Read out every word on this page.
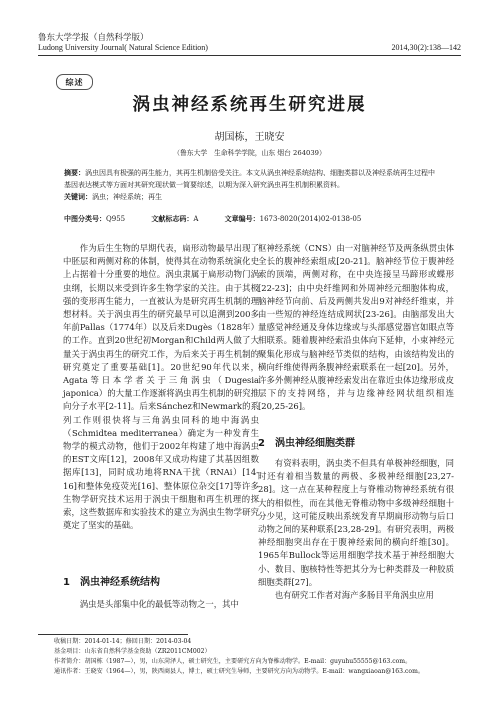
鲁东大学学报（自然科学版）
Ludong University Journal( Natural Science Edition)	2014,30(2):138—142
综述
涡虫神经系统再生研究进展
胡国栋，王晓安
（鲁东大学　生命科学学院，山东 烟台 264039）

摘要：涡虫因具有极强的再生能力，其再生机制倍受关注。本文从涡虫神经系统结构、细胞类群以及神经系统再生过程中基因表达模式等方面对其研究现状做一简要综述，以期为深入研究涡虫再生机制积累资料。

关键词：涡虫；神经系统；再生

中图分类号：Q955	文献标志码：A	文章编号：1673-8020(2014)02-0138-05

作为后生生物的早期代表，扁形动物最早出现了中胚层和两侧对称的体制，使得其在动物系统演化史上占据着十分重要的地位。涡虫隶属于扁形动物门涡虫纲，长期以来受到许多生物学家的关注。由于其极强的变形再生能力，一直被认为是研究再生机制的理想材料。关于涡虫再生的研究最早可以追溯到200多年前Pallas（1774年）以及后来Dugès（1828年）的工作。直到20世纪初Morgan和Child两人做了大量关于涡虫再生的研究工作，为后来关于再生机制的研究奠定了重要基础[1]。20世纪90年代以来，Agata等日本学者关于三角涡虫（Dugesia japonica）的大量工作逐渐将涡虫再生机制的研究推向分子水平[2-11]。后来Sánchez和Newmark的系列工作则很快将与三角涡虫同科的地中海涡虫（Schmidtea mediterranea）确定为一种发育生物学的模式动物，他们于2002年构建了地中海涡虫的EST文库[12]，2008年又成功构建了其基因组数据库[13]，同时成功地将RNA干扰（RNAi）[14-16]和整体免疫荧光[16]、整体原位杂交[17]等许多生物学研究技术运用于涡虫干细胞和再生机理的探索，这些数据库和实验技术的建立为涡虫生物学研究奠定了坚实的基础。

1　涡虫神经系统结构

涡虫是头部集中化的最低等动物之一，其中

枢神经系统（CNS）由一对脑神经节及两条纵贯虫体全长的腹神经索组成[20-21]。脑神经节位于腹神经索的顶端，两侧对称，在中央连接呈马蹄形或蝶形[22-23]；由中央纤维网和外周神经元细胞体构成，脑神经节向前、后及两侧共发出9对神经纤维束，并由一些短的神经连结成网状[23-26]。由脑部发出大量感觉神经通及身体边缘或与头部感觉器官如眼点等相联系。随着腹神经索沿虫体向下延伸，小束神经元聚集化形成与脑神经节类似的结构，由该结构发出的横向纤维使得两条腹神经索联系在一起[20]。另外，许多外侧神经从腹神经索发出在靠近虫体边缘形成皮层下的支持网络，并与边缘神经网状组织相连[20,25-26]。

2　涡虫神经细胞类群

有资料表明，涡虫类不但具有单极神经细胞，同时还有着相当数量的两极、多极神经细胞[23,27-28]。这一点在某种程度上与脊椎动物神经系统有很大的相似性，而在其他无脊椎动物中多级神经细胞十分少见，这可能反映出系统发育早期扁形动物与后口动物之间的某种联系[23,28-29]。有研究表明，两极神经细胞突出存在于腹神经索间的横向纤维[30]。1965年Bullock等运用细胞学技术基于神经细胞大小、数目、胞核特性等把其分为七种类群及一种胶质细胞类群[27]。

也有研究工作者对海产多肠目平角涡虫应用

收稿日期：2014-01-14；修回日期：2014-03-04
基金项目：山东省自然科学基金资助（ZR2011CM002）
作者简介：胡国栋（1987—），男，山东菏泽人，硕士研究生，主要研究方向为脊椎动物学。E-mail：guyuhu55555@163.com。
通讯作者：王晓安（1964—），男，陕西商县人，博士，硕士研究生导师，主要研究方向为动物学。E-mail：wangxiaoan@163.com。
